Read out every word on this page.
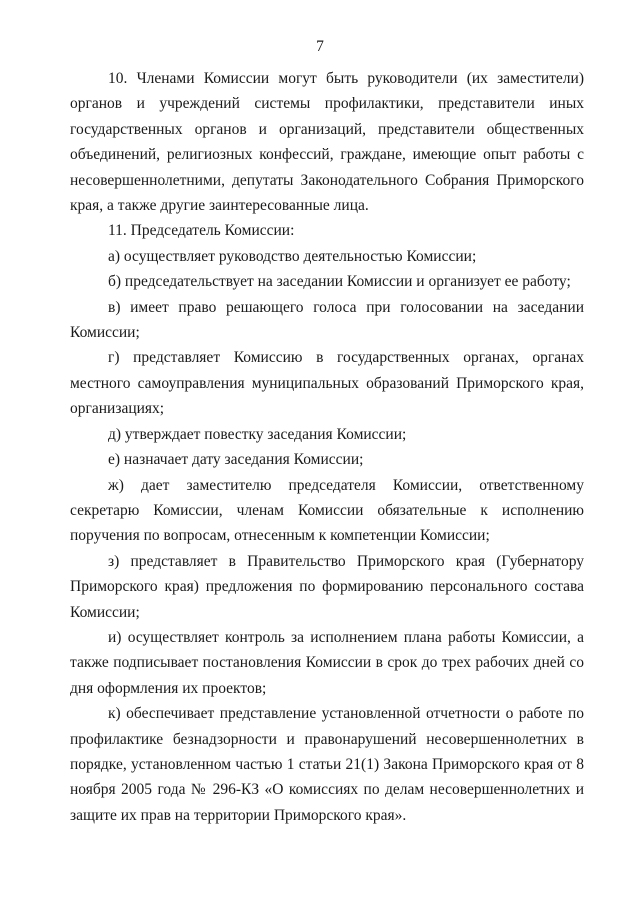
7

10. Членами Комиссии могут быть руководители (их заместители) органов и учреждений системы профилактики, представители иных государственных органов и организаций, представители общественных объединений, религиозных конфессий, граждане, имеющие опыт работы с несовершеннолетними, депутаты Законодательного Собрания Приморского края, а также другие заинтересованные лица.

11. Председатель Комиссии:

а) осуществляет руководство деятельностью Комиссии;

б) председательствует на заседании Комиссии и организует ее работу;

в) имеет право решающего голоса при голосовании на заседании Комиссии;

г) представляет Комиссию в государственных органах, органах местного самоуправления муниципальных образований Приморского края, организациях;

д) утверждает повестку заседания Комиссии;

е) назначает дату заседания Комиссии;

ж) дает заместителю председателя Комиссии, ответственному секретарю Комиссии, членам Комиссии обязательные к исполнению поручения по вопросам, отнесенным к компетенции Комиссии;

з) представляет в Правительство Приморского края (Губернатору Приморского края) предложения по формированию персонального состава Комиссии;

и) осуществляет контроль за исполнением плана работы Комиссии, а также подписывает постановления Комиссии в срок до трех рабочих дней со дня оформления их проектов;

к) обеспечивает представление установленной отчетности о работе по профилактике безнадзорности и правонарушений несовершеннолетних в порядке, установленном частью 1 статьи 21(1) Закона Приморского края от 8 ноября 2005 года № 296-КЗ «О комиссиях по делам несовершеннолетних и защите их прав на территории Приморского края».
